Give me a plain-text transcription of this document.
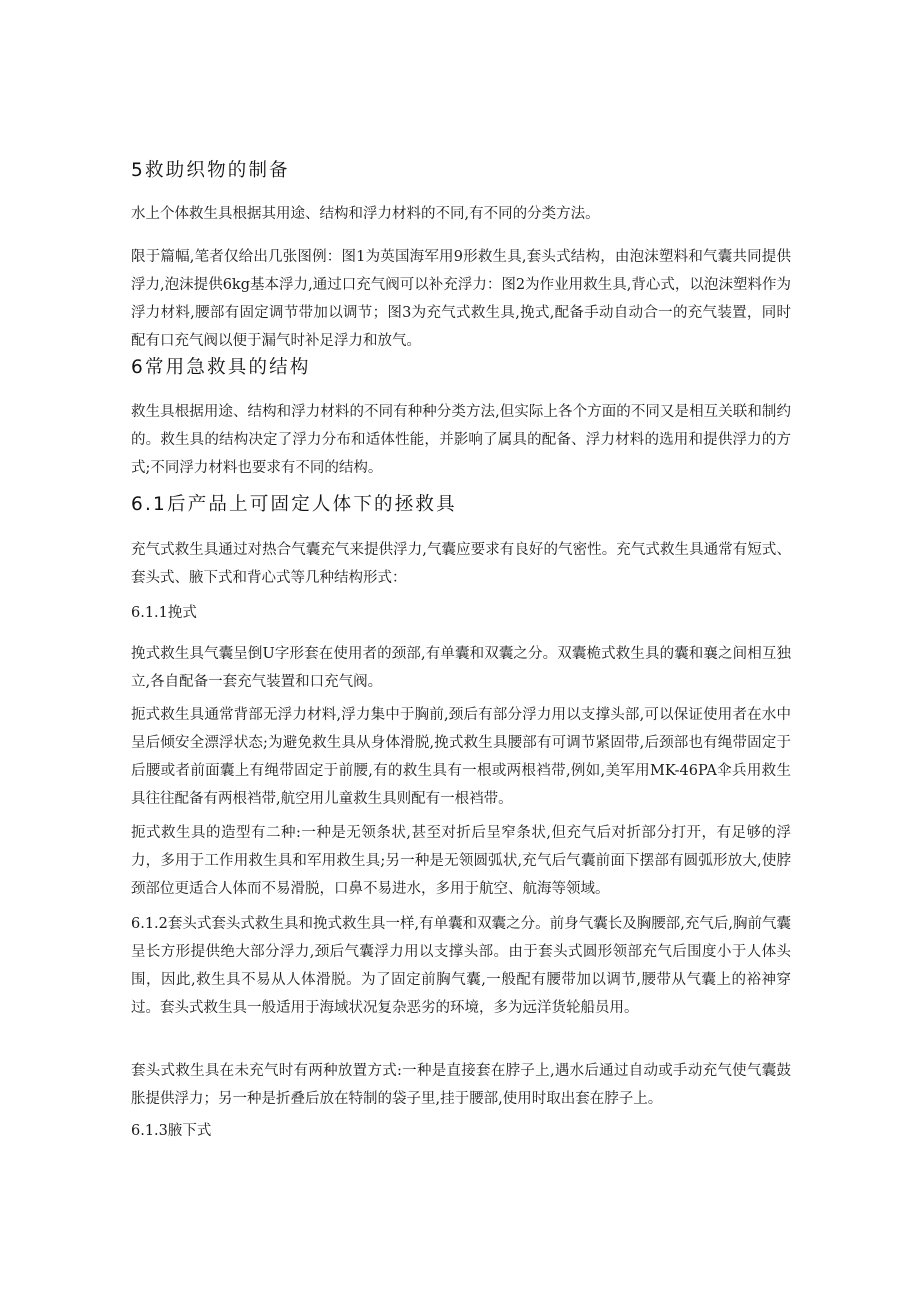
5救助织物的制备

水上个体救生具根据其用途、结构和浮力材料的不同,有不同的分类方法。

限于篇幅,笔者仅给出几张图例：图1为英国海军用9形救生具,套头式结构，由泡沫塑料和气囊共同提供浮力,泡沫提供6kg基本浮力,通过口充气阀可以补充浮力：图2为作业用救生具,背心式，以泡沫塑料作为浮力材料,腰部有固定调节带加以调节；图3为充气式救生具,挽式,配备手动自动合一的充气装置，同时配有口充气阀以便于漏气时补足浮力和放气。

6常用急救具的结构

救生具根据用途、结构和浮力材料的不同有种种分类方法,但实际上各个方面的不同又是相互关联和制约的。救生具的结构决定了浮力分布和适体性能，并影响了属具的配备、浮力材料的选用和提供浮力的方式;不同浮力材料也要求有不同的结构。

6.1后产品上可固定人体下的拯救具

充气式救生具通过对热合气囊充气来提供浮力,气囊应要求有良好的气密性。充气式救生具通常有短式、套头式、腋下式和背心式等几种结构形式：

6.1.1挽式

挽式救生具气囊呈倒U字形套在使用者的颈部,有单囊和双囊之分。双囊桅式救生具的囊和襄之间相互独立,各自配备一套充气装置和口充气阀。

扼式救生具通常背部无浮力材料,浮力集中于胸前,颈后有部分浮力用以支撑头部,可以保证使用者在水中呈后倾安全漂浮状态;为避免救生具从身体滑脱,挽式救生具腰部有可调节紧固带,后颈部也有绳带固定于后腰或者前面囊上有绳带固定于前腰,有的救生具有一根或两根裆带,例如,美军用MK-46PA伞兵用救生具往往配备有两根裆带,航空用儿童救生具则配有一根裆带。

扼式救生具的造型有二种:一种是无领条状,甚至对折后呈窄条状,但充气后对折部分打开，有足够的浮力，多用于工作用救生具和军用救生具;另一种是无领圆弧状,充气后气囊前面下摆部有圆弧形放大,使脖颈部位更适合人体而不易滑脱，口鼻不易进水，多用于航空、航海等领域。

6.1.2套头式套头式救生具和挽式救生具一样,有单囊和双囊之分。前身气囊长及胸腰部,充气后,胸前气囊呈长方形提供绝大部分浮力,颈后气囊浮力用以支撑头部。由于套头式圆形领部充气后围度小于人体头围，因此,救生具不易从人体滑脱。为了固定前胸气囊,一般配有腰带加以调节,腰带从气囊上的裕神穿过。套头式救生具一般适用于海域状况复杂恶劣的环境，多为远洋货轮船员用。

套头式救生具在未充气时有两种放置方式:一种是直接套在脖子上,遇水后通过自动或手动充气使气囊鼓胀提供浮力；另一种是折叠后放在特制的袋子里,挂于腰部,使用时取出套在脖子上。

6.1.3腋下式
